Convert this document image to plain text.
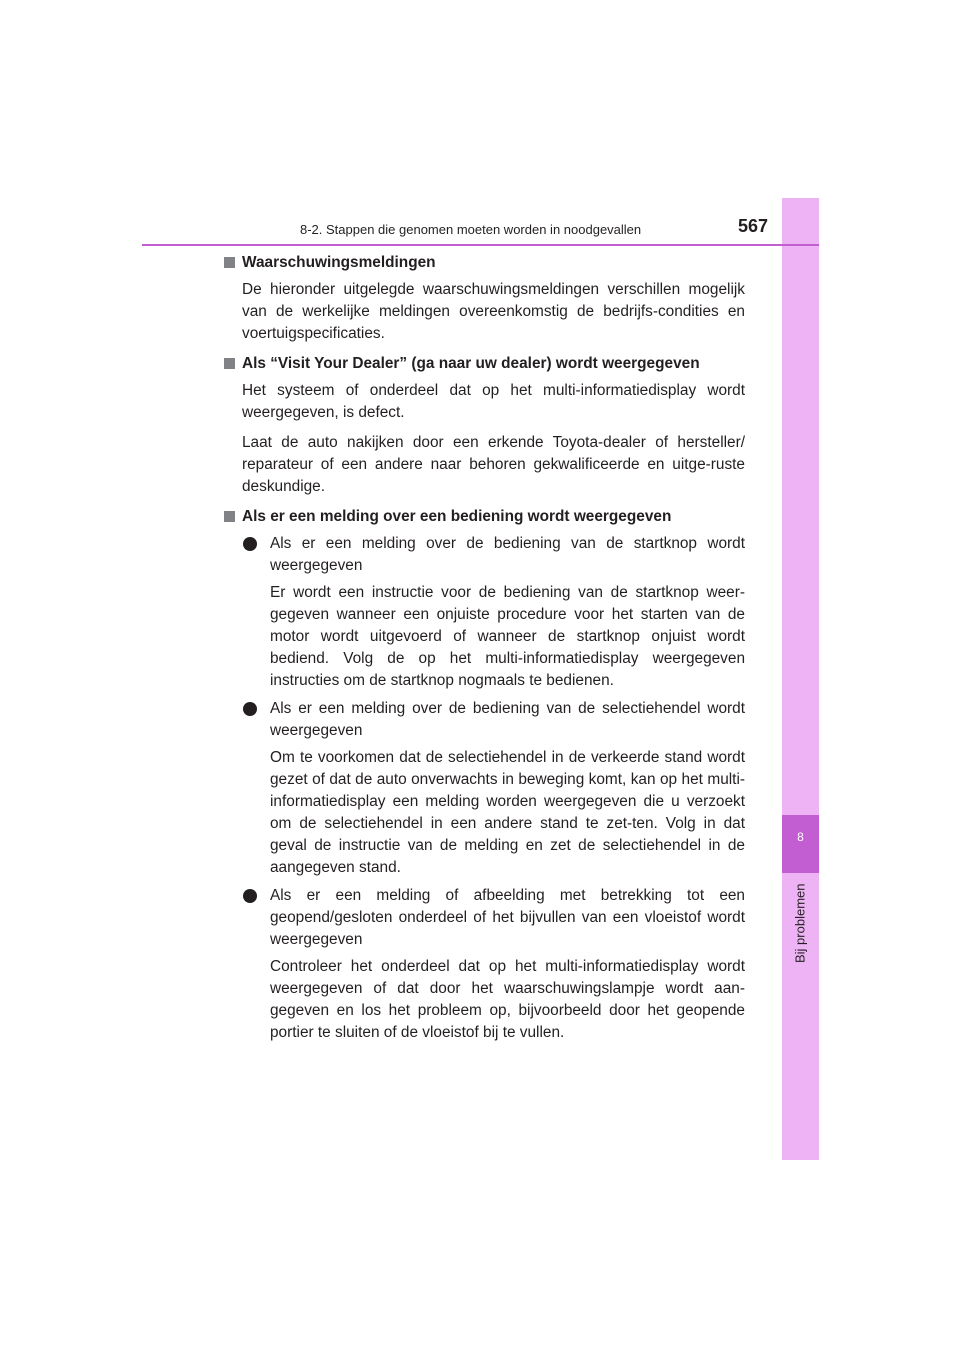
8
Bij problemen
8-2. Stappen die genomen moeten worden in noodgevallen	567
Waarschuwingsmeldingen

De hieronder uitgelegde waarschuwingsmeldingen verschillen mogelijk van de werkelijke meldingen overeenkomstig de bedrijfs-condities en voertuigspecificaties.

Als “Visit Your Dealer” (ga naar uw dealer) wordt weergegeven

Het systeem of onderdeel dat op het multi-informatiedisplay wordt weergegeven, is defect.

Laat de auto nakijken door een erkende Toyota-dealer of hersteller/ reparateur of een andere naar behoren gekwalificeerde en uitge-ruste deskundige.

Als er een melding over een bediening wordt weergegeven
Als er een melding over de bediening van de startknop wordt weergegeven

Er wordt een instructie voor de bediening van de startknop weer-gegeven wanneer een onjuiste procedure voor het starten van de motor wordt uitgevoerd of wanneer de startknop onjuist wordt bediend. Volg de op het multi-informatiedisplay weergegeven instructies om de startknop nogmaals te bedienen.

Als er een melding over de bediening van de selectiehendel wordt weergegeven

Om te voorkomen dat de selectiehendel in de verkeerde stand wordt gezet of dat de auto onverwachts in beweging komt, kan op het multi-informatiedisplay een melding worden weergegeven die u verzoekt om de selectiehendel in een andere stand te zet-ten. Volg in dat geval de instructie van de melding en zet de selectiehendel in de aangegeven stand.

Als er een melding of afbeelding met betrekking tot een geopend/gesloten onderdeel of het bijvullen van een vloeistof wordt weergegeven

Controleer het onderdeel dat op het multi-informatiedisplay wordt weergegeven of dat door het waarschuwingslampje wordt aan-gegeven en los het probleem op, bijvoorbeeld door het geopende portier te sluiten of de vloeistof bij te vullen.
